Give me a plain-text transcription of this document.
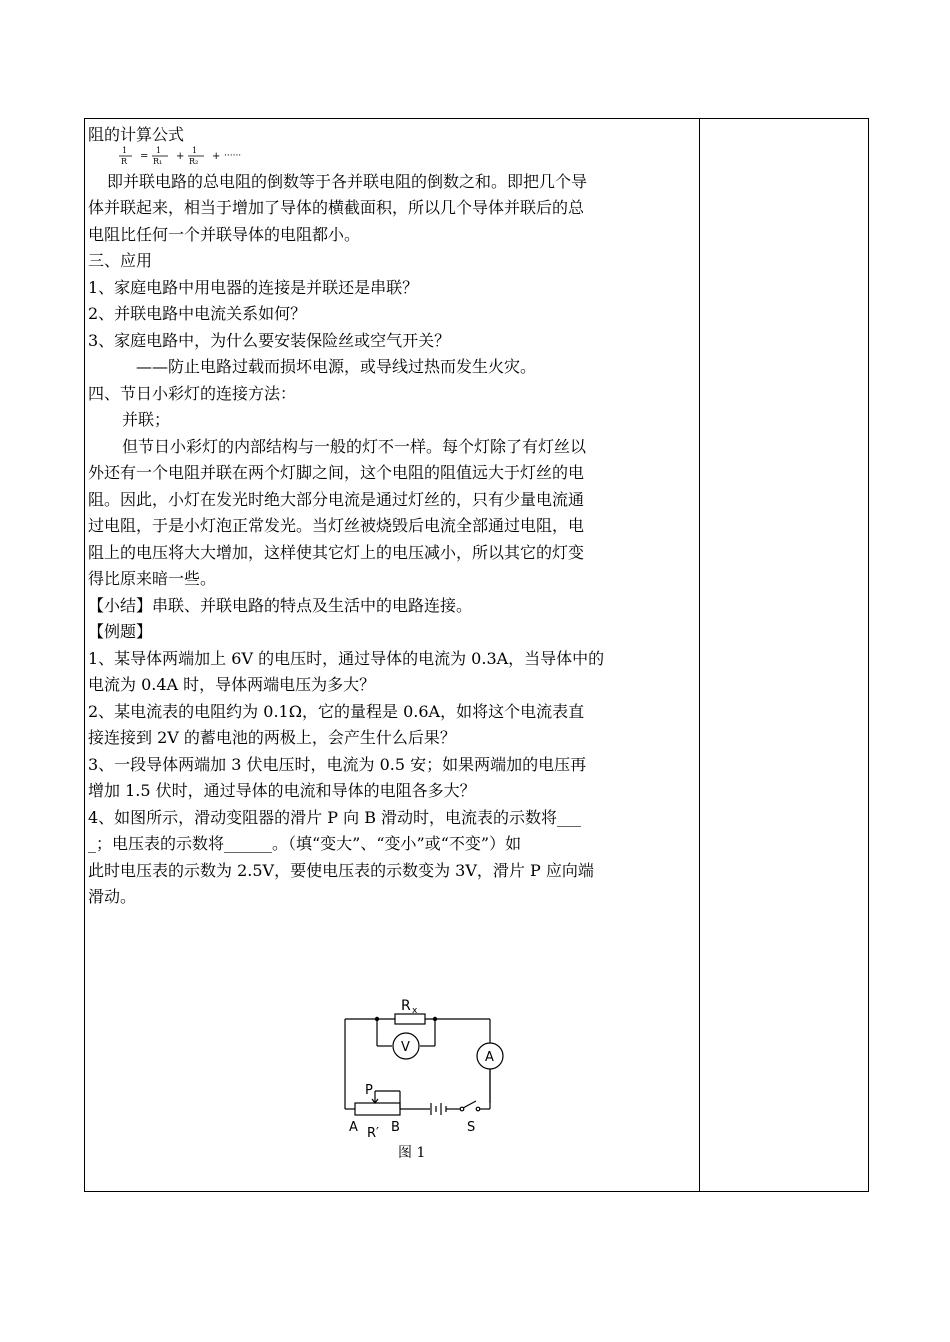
阻的计算公式
1
R =
1
R₁ +
1
R₂ + ······
即并联电路的总电阻的倒数等于各并联电阻的倒数之和。即把几个导
体并联起来，相当于增加了导体的横截面积，所以几个导体并联后的总
电阻比任何一个并联导体的电阻都小。
三、应用
1、家庭电路中用电器的连接是并联还是串联？
2、并联电路中电流关系如何？
3、家庭电路中，为什么要安装保险丝或空气开关？
——防止电路过载而损坏电源，或导线过热而发生火灾。
四、节日小彩灯的连接方法：
并联；
但节日小彩灯的内部结构与一般的灯不一样。每个灯除了有灯丝以
外还有一个电阻并联在两个灯脚之间，这个电阻的阻值远大于灯丝的电
阻。因此，小灯在发光时绝大部分电流是通过灯丝的，只有少量电流通
过电阻，于是小灯泡正常发光。当灯丝被烧毁后电流全部通过电阻，电
阻上的电压将大大增加，这样使其它灯上的电压减小，所以其它的灯变
得比原来暗一些。
【小结】串联、并联电路的特点及生活中的电路连接。
【例题】
1、某导体两端加上 6V 的电压时，通过导体的电流为 0.3A，当导体中的
电流为 0.4A 时，导体两端电压为多大？
2、某电流表的电阻约为 0.1Ω，它的量程是 0.6A，如将这个电流表直
接连接到 2V 的蓄电池的两极上，会产生什么后果？
3、一段导体两端加 3 伏电压时，电流为 0.5 安；如果两端加的电压再
增加 1.5 伏时，通过导体的电流和导体的电阻各多大？
4、如图所示，滑动变阻器的滑片 P 向 B 滑动时，电流表的示数将___
_；电压表的示数将______。（填“变大”、“变小”或“不变”）如
此时电压表的示数为 2.5V，要使电压表的示数变为 3V，滑片 P 应向端
滑动。
R x
V
A
P
A	B
R′	S
图 1
